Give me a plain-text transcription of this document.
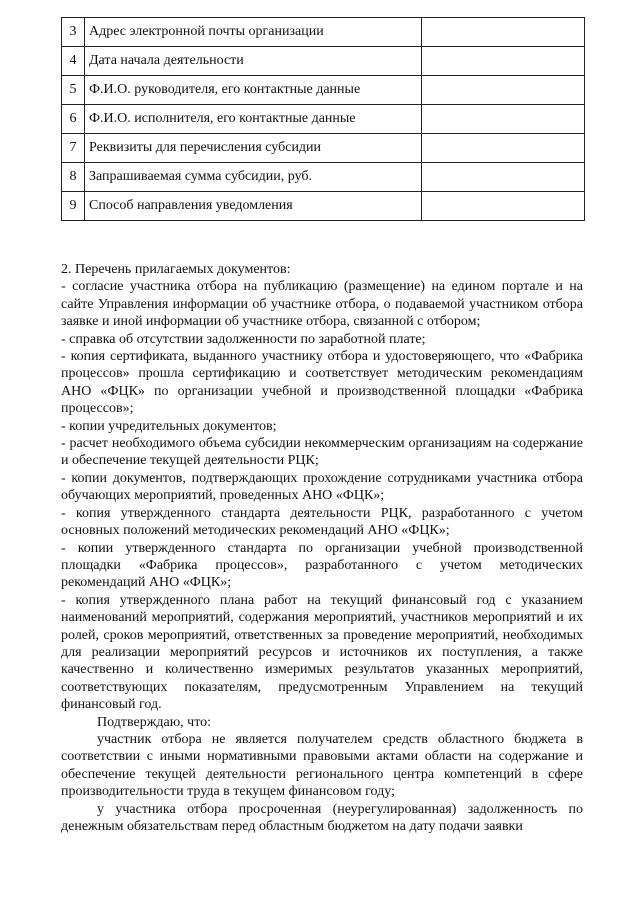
3	Адрес электронной почты организации	
4	Дата начала деятельности	
5	Ф.И.О. руководителя, его контактные данные	
6	Ф.И.О. исполнителя, его контактные данные	
7	Реквизиты для перечисления субсидии	
8	Запрашиваемая сумма субсидии, руб.	
9	Способ направления уведомления	

2. Перечень прилагаемых документов:

- согласие участника отбора на публикацию (размещение) на едином портале и на сайте Управления информации об участнике отбора, о подаваемой участником отбора заявке и иной информации об участнике отбора, связанной с отбором;

- справка об отсутствии задолженности по заработной плате;

- копия сертификата, выданного участнику отбора и удостоверяющего, что «Фабрика процессов» прошла сертификацию и соответствует методическим рекомендациям АНО «ФЦК» по организации учебной и производственной площадки «Фабрика процессов»;

- копии учредительных документов;

- расчет необходимого объема субсидии некоммерческим организациям на содержание и обеспечение текущей деятельности РЦК;

- копии документов, подтверждающих прохождение сотрудниками участника отбора обучающих мероприятий, проведенных АНО «ФЦК»;

- копия утвержденного стандарта деятельности РЦК, разработанного с учетом основных положений методических рекомендаций АНО «ФЦК»;

- копии утвержденного стандарта по организации учебной производственной площадки «Фабрика процессов», разработанного с учетом методических рекомендаций АНО «ФЦК»;

- копия утвержденного плана работ на текущий финансовый год с указанием наименований мероприятий, содержания мероприятий, участников мероприятий и их ролей, сроков мероприятий, ответственных за проведение мероприятий, необходимых для реализации мероприятий ресурсов и источников их поступления, а также качественно и количественно измеримых результатов указанных мероприятий, соответствующих показателям, предусмотренным Управлением на текущий финансовый год.

Подтверждаю, что:

участник отбора не является получателем средств областного бюджета в соответствии с иными нормативными правовыми актами области на содержание и обеспечение текущей деятельности регионального центра компетенций в сфере производительности труда в текущем финансовом году;

у участника отбора просроченная (неурегулированная) задолженность по денежным обязательствам перед областным бюджетом на дату подачи заявки
